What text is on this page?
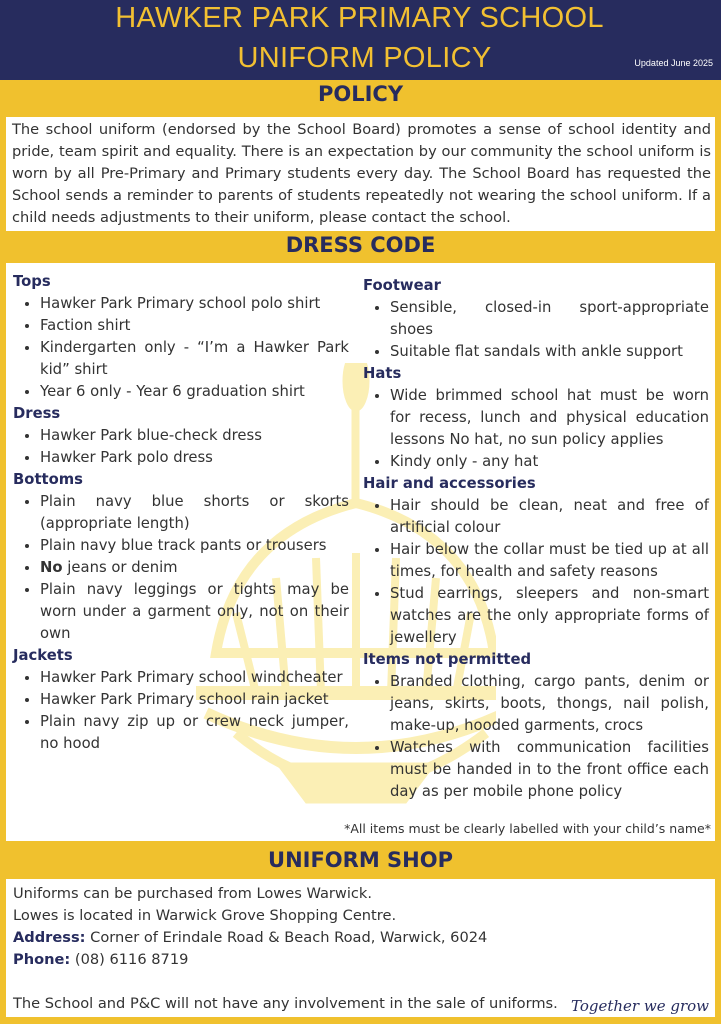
HAWKER PARK PRIMARY SCHOOL
UNIFORM POLICY	Updated June 2025
POLICY

The school uniform (endorsed by the School Board) promotes a sense of school identity and pride, team spirit and equality. There is an expectation by our community the school uniform is worn by all Pre-Primary and Primary students every day. The School Board has requested the School sends a reminder to parents of students repeatedly not wearing the school uniform. If a child needs adjustments to their uniform, please contact the school.

DRESS CODE
Tops
• Hawker Park Primary school polo shirt
• Faction shirt
• Kindergarten only - “I’m a Hawker Park kid” shirt
• Year 6 only - Year 6 graduation shirt
Dress
• Hawker Park blue-check dress
• Hawker Park polo dress
Bottoms
• Plain navy blue shorts or skorts (appropriate length)
• Plain navy blue track pants or trousers
• No jeans or denim
• Plain navy leggings or tights may be worn under a garment only, not on their own
Jackets
• Hawker Park Primary school windcheater
• Hawker Park Primary school rain jacket
• Plain navy zip up or crew neck jumper, no hood
Footwear
• Sensible, closed-in sport-appropriate shoes
• Suitable flat sandals with ankle support
Hats
• Wide brimmed school hat must be worn for recess, lunch and physical education lessons No hat, no sun policy applies
• Kindy only - any hat
Hair and accessories
• Hair should be clean, neat and free of artificial colour
• Hair below the collar must be tied up at all times, for health and safety reasons
• Stud earrings, sleepers and non-smart watches are the only appropriate forms of jewellery
Items not permitted
• Branded clothing, cargo pants, denim or jeans, skirts, boots, thongs, nail polish, make-up, hooded garments, crocs
• Watches with communication facilities must be handed in to the front office each day as per mobile phone policy
*All items must be clearly labelled with your child’s name*
UNIFORM SHOP
Uniforms can be purchased from Lowes Warwick.
Lowes is located in Warwick Grove Shopping Centre.
Address: Corner of Erindale Road & Beach Road, Warwick, 6024
Phone: (08) 6116 8719
The School and P&C will not have any involvement in the sale of uniforms. Together we grow
